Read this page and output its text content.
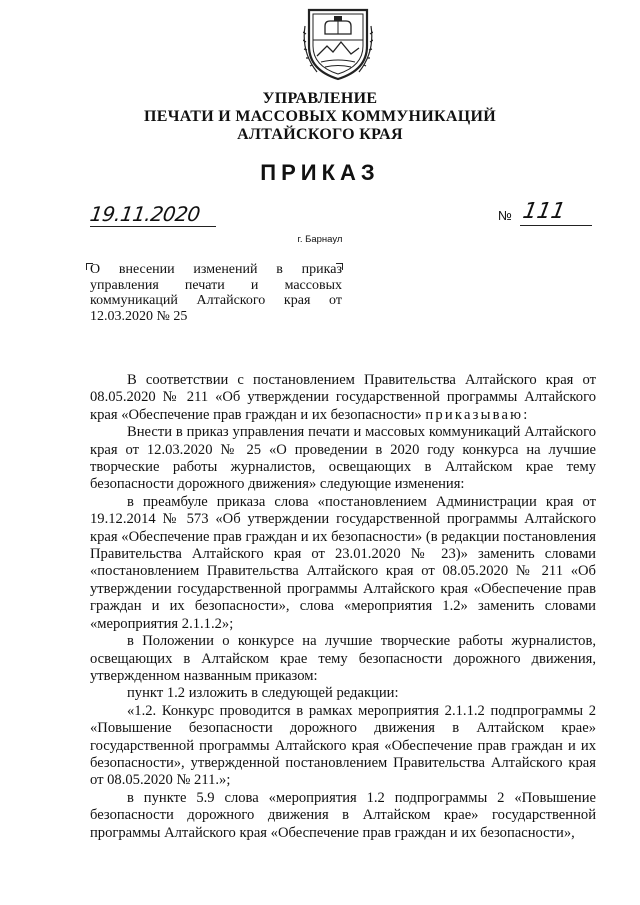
УПРАВЛЕНИЕ
ПЕЧАТИ И МАССОВЫХ КОММУНИКАЦИЙ
АЛТАЙСКОГО КРАЯ
ПРИКАЗ
19.11.2020	№ 111
г. Барнаул
О внесении изменений в приказ управления печати и массовых коммуникаций Алтайского края от 12.03.2020 № 25

В соответствии с постановлением Правительства Алтайского края от 08.05.2020 № 211 «Об утверждении государственной программы Алтайского края «Обеспечение прав граждан и их безопасности» приказываю:

Внести в приказ управления печати и массовых коммуникаций Алтайского края от 12.03.2020 № 25 «О проведении в 2020 году конкурса на лучшие творческие работы журналистов, освещающих в Алтайском крае тему безопасности дорожного движения» следующие изменения:

в преамбуле приказа слова «постановлением Администрации края от 19.12.2014 № 573 «Об утверждении государственной программы Алтайского края «Обеспечение прав граждан и их безопасности» (в редакции постановления Правительства Алтайского края от 23.01.2020 № 23)» заменить словами «постановлением Правительства Алтайского края от 08.05.2020 № 211 «Об утверждении государственной программы Алтайского края «Обеспечение прав граждан и их безопасности», слова «мероприятия 1.2» заменить словами «мероприятия 2.1.1.2»;

в Положении о конкурсе на лучшие творческие работы журналистов, освещающих в Алтайском крае тему безопасности дорожного движения, утвержденном названным приказом:

пункт 1.2 изложить в следующей редакции:

«1.2. Конкурс проводится в рамках мероприятия 2.1.1.2 подпрограммы 2 «Повышение безопасности дорожного движения в Алтайском крае» государственной программы Алтайского края «Обеспечение прав граждан и их безопасности», утвержденной постановлением Правительства Алтайского края от 08.05.2020 № 211.»;

в пункте 5.9 слова «мероприятия 1.2 подпрограммы 2 «Повышение безопасности дорожного движения в Алтайском крае» государственной программы Алтайского края «Обеспечение прав граждан и их безопасности»,
